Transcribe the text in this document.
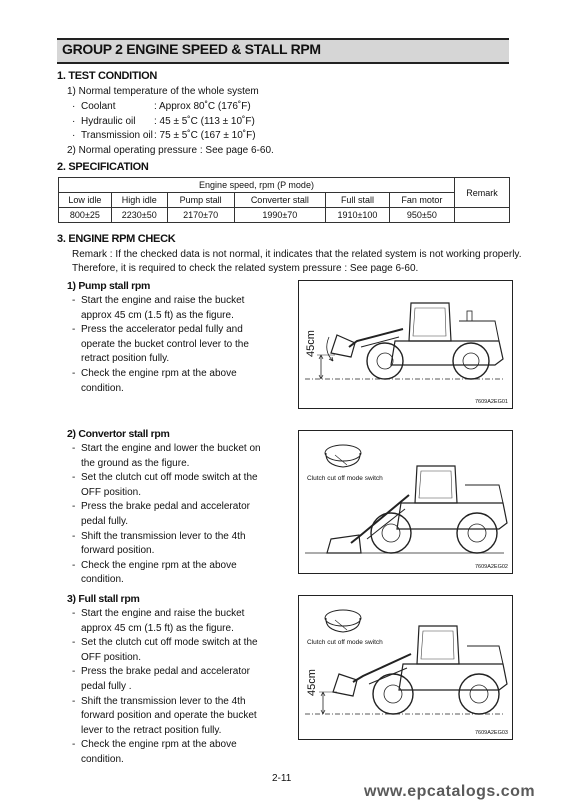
GROUP 2 ENGINE SPEED & STALL RPM
1. TEST CONDITION
1) Normal temperature of the whole system
· Coolant	: Approx 80˚C (176˚F)
· Hydraulic oil : 45 ± 5˚C (113 ± 10˚F)
· Transmission oil : 75 ± 5˚C (167 ± 10˚F)
2) Normal operating pressure : See page 6-60.
2. SPECIFICATION
Engine speed, rpm (P mode)						Remark
Low idle	High idle	Pump stall	Converter stall	Full stall	Fan motor	
800±25	2230±50	2170±70	1990±70	1910±100	950±50	
3. ENGINE RPM CHECK
Remark : If the checked data is not normal, it indicates that the related system is not working properly.
Therefore, it is required to check the related system pressure : See page 6-60.
1) Pump stall rpm
- Start the engine and raise the bucket
approx 45 cm (1.5 ft) as the figure.
- Press the accelerator pedal fully and
operate the bucket control lever to the
retract position fully.
- Check the engine rpm at the above
condition.
45cm
7609A2EG01
2) Convertor stall rpm
- Start the engine and lower the bucket on
the ground as the figure.
- Set the clutch cut off mode switch at the
OFF position.
- Press the brake pedal and accelerator
pedal fully.
- Shift the transmission lever to the 4th
forward position.
- Check the engine rpm at the above
condition.
Clutch cut off mode switch
7609A2EG02
3) Full stall rpm
- Start the engine and raise the bucket
approx 45 cm (1.5 ft) as the figure.
- Set the clutch cut off mode switch at the
OFF position.
- Press the brake pedal and accelerator
pedal fully .
- Shift the transmission lever to the 4th
forward position and operate the bucket
lever to the retract position fully.
- Check the engine rpm at the above
condition.
Clutch cut off mode switch
45cm
7609A2EG03
2-11
www.epcatalogs.com
